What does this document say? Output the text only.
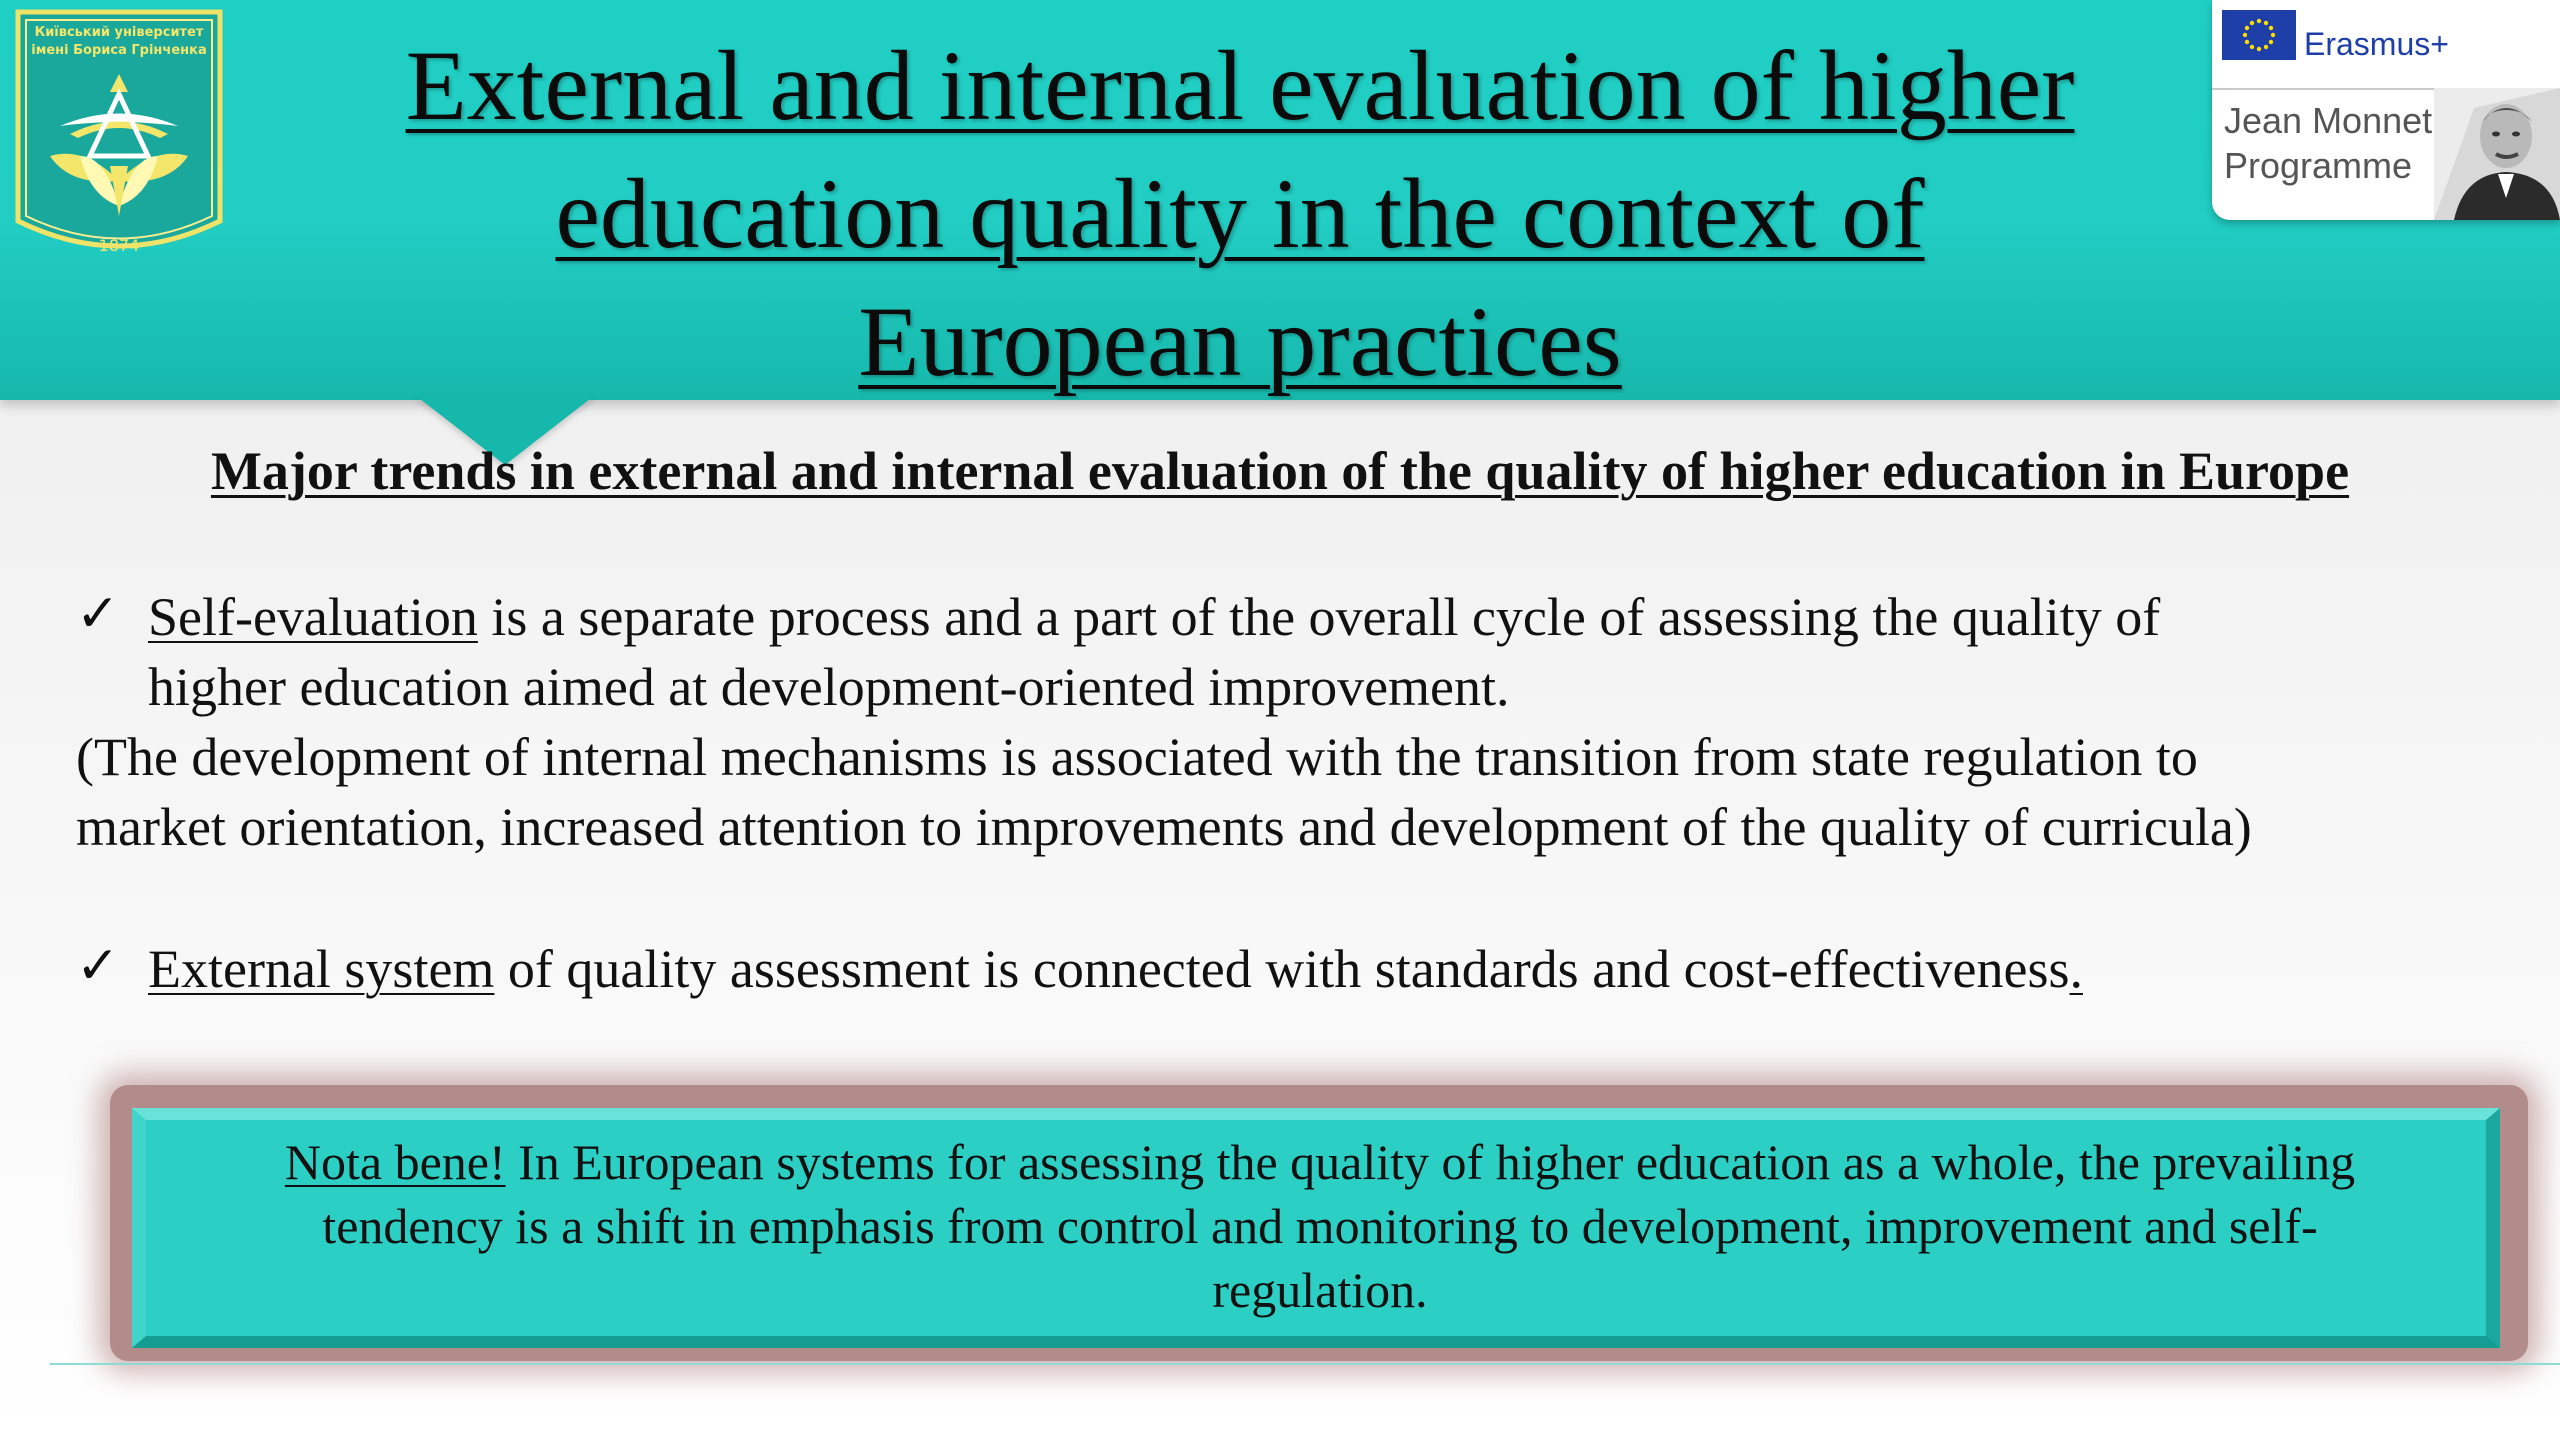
External and internal evaluation of higher
education quality in the context of
European practices
Київський університет
імені Бориса Грінченка
1874
Erasmus+
Jean Monnet
Programme
Major trends in external and internal evaluation of the quality of higher education in Europe
✓ Self-evaluation is a separate process and a part of the overall cycle of assessing the quality of
higher education aimed at development-oriented improvement.
(The development of internal mechanisms is associated with the transition from state regulation to
market orientation, increased attention to improvements and development of the quality of curricula)
✓ External system of quality assessment is connected with standards and cost-effectiveness.
Nota bene! In European systems for assessing the quality of higher education as a whole, the prevailing
tendency is a shift in emphasis from control and monitoring to development, improvement and self-
regulation.
